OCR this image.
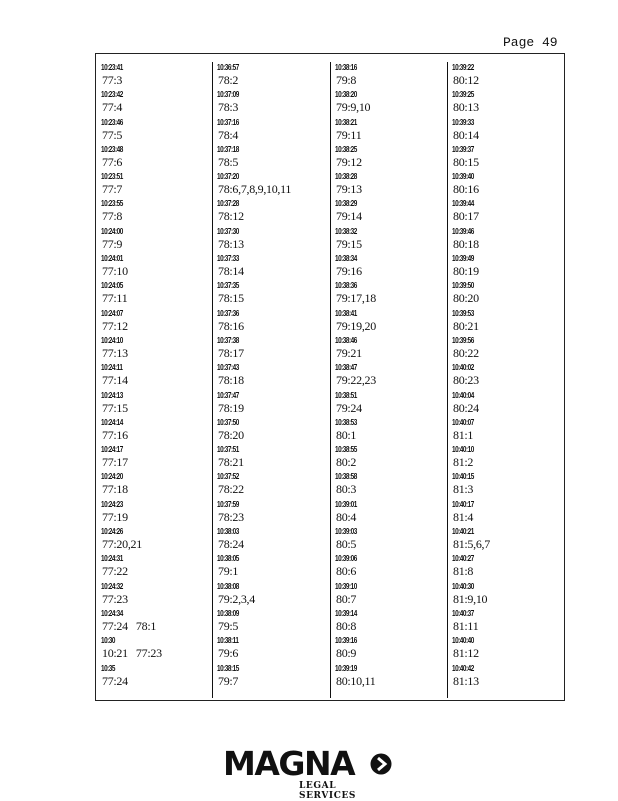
Page 49
10:23:41
77:3
10:23:42
77:4
10:23:46
77:5
10:23:48
77:6
10:23:51
77:7
10:23:55
77:8
10:24:00
77:9
10:24:01
77:10
10:24:05
77:11
10:24:07
77:12
10:24:10
77:13
10:24:11
77:14
10:24:13
77:15
10:24:14
77:16
10:24:17
77:17
10:24:20
77:18
10:24:23
77:19
10:24:26
77:20,21
10:24:31
77:22
10:24:32
77:23
10:24:34
77:24   78:1
10:30
10:21   77:23
10:35
77:24
10:36:57
78:2
10:37:09
78:3
10:37:16
78:4
10:37:18
78:5
10:37:20
78:6,7,8,9,10,11
10:37:28
78:12
10:37:30
78:13
10:37:33
78:14
10:37:35
78:15
10:37:36
78:16
10:37:38
78:17
10:37:43
78:18
10:37:47
78:19
10:37:50
78:20
10:37:51
78:21
10:37:52
78:22
10:37:59
78:23
10:38:03
78:24
10:38:05
79:1
10:38:08
79:2,3,4
10:38:09
79:5
10:38:11
79:6
10:38:15
79:7
10:38:16
79:8
10:38:20
79:9,10
10:38:21
79:11
10:38:25
79:12
10:38:28
79:13
10:38:29
79:14
10:38:32
79:15
10:38:34
79:16
10:38:36
79:17,18
10:38:41
79:19,20
10:38:46
79:21
10:38:47
79:22,23
10:38:51
79:24
10:38:53
80:1
10:38:55
80:2
10:38:58
80:3
10:39:01
80:4
10:39:03
80:5
10:39:06
80:6
10:39:10
80:7
10:39:14
80:8
10:39:16
80:9
10:39:19
80:10,11
10:39:22
80:12
10:39:25
80:13
10:39:33
80:14
10:39:37
80:15
10:39:40
80:16
10:39:44
80:17
10:39:46
80:18
10:39:49
80:19
10:39:50
80:20
10:39:53
80:21
10:39:56
80:22
10:40:02
80:23
10:40:04
80:24
10:40:07
81:1
10:40:10
81:2
10:40:15
81:3
10:40:17
81:4
10:40:21
81:5,6,7
10:40:27
81:8
10:40:30
81:9,10
10:40:37
81:11
10:40:40
81:12
10:40:42
81:13
MAGNA
LEGAL SERVICES
